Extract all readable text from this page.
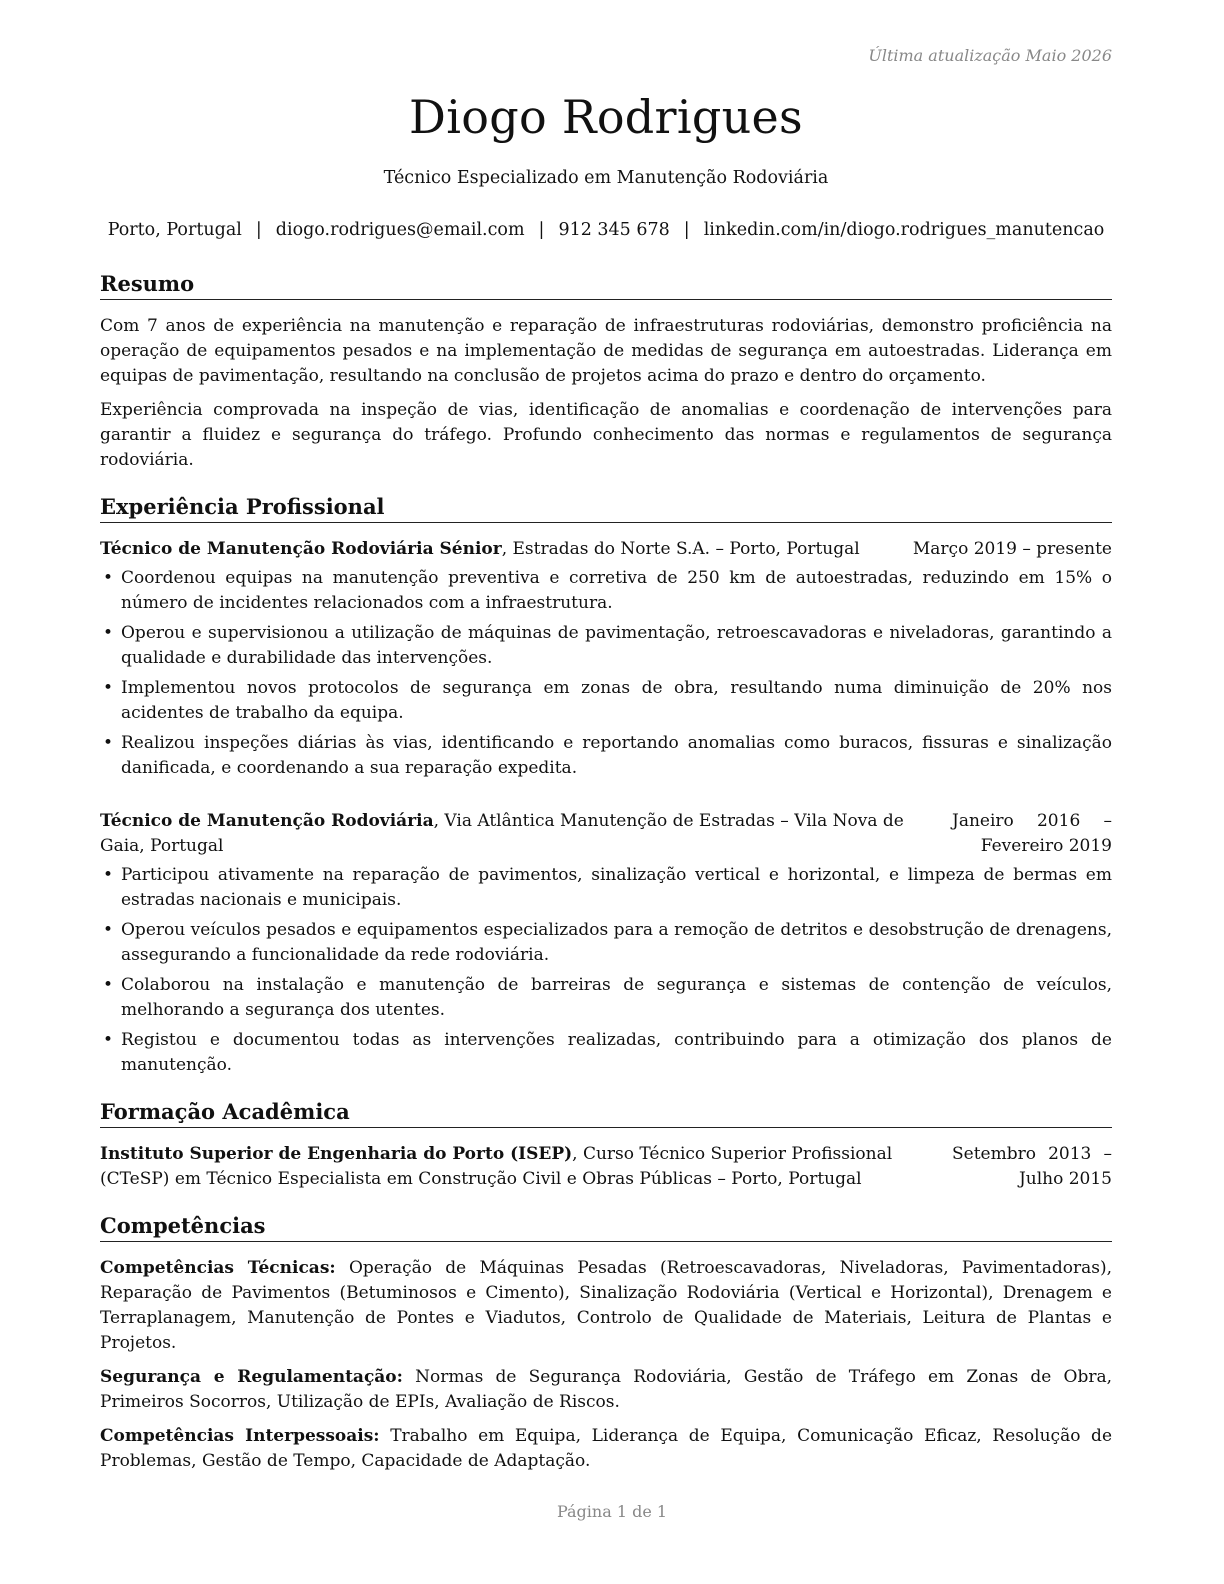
Última atualização Maio 2026
Diogo Rodrigues
Técnico Especializado em Manutenção Rodoviária
Porto, Portugal | diogo.rodrigues@email.com | 912 345 678 | linkedin.com/in/diogo.rodrigues_manutencao
Resumo

Com 7 anos de experiência na manutenção e reparação de infraestruturas rodoviárias, demonstro proficiência na operação de equipamentos pesados e na implementação de medidas de segurança em autoestradas. Liderança em equipas de pavimentação, resultando na conclusão de projetos acima do prazo e dentro do orçamento.

Experiência comprovada na inspeção de vias, identificação de anomalias e coordenação de intervenções para garantir a fluidez e segurança do tráfego. Profundo conhecimento das normas e regulamentos de segurança rodoviária.

Experiência Profissional
Técnico de Manutenção Rodoviária Sénior, Estradas do Norte S.A. – Porto, Portugal	Março 2019 – presente
• Coordenou equipas na manutenção preventiva e corretiva de 250 km de autoestradas, reduzindo em 15% o número de incidentes relacionados com a infraestrutura.
• Operou e supervisionou a utilização de máquinas de pavimentação, retroescavadoras e niveladoras, garantindo a qualidade e durabilidade das intervenções.
• Implementou novos protocolos de segurança em zonas de obra, resultando numa diminuição de 20% nos acidentes de trabalho da equipa.
• Realizou inspeções diárias às vias, identificando e reportando anomalias como buracos, fissuras e sinalização danificada, e coordenando a sua reparação expedita.
Técnico de Manutenção Rodoviária, Via Atlântica Manutenção de Estradas – Vila Nova de Gaia, Portugal
Janeiro 2016 – Fevereiro 2019
• Participou ativamente na reparação de pavimentos, sinalização vertical e horizontal, e limpeza de bermas em estradas nacionais e municipais.
• Operou veículos pesados e equipamentos especializados para a remoção de detritos e desobstrução de drenagens, assegurando a funcionalidade da rede rodoviária.
• Colaborou na instalação e manutenção de barreiras de segurança e sistemas de contenção de veículos, melhorando a segurança dos utentes.
• Registou e documentou todas as intervenções realizadas, contribuindo para a otimização dos planos de manutenção.
Formação Acadêmica
Instituto Superior de Engenharia do Porto (ISEP), Curso Técnico Superior Profissional (CTeSP) em Técnico Especialista em Construção Civil e Obras Públicas – Porto, Portugal
Setembro 2013 – Julho 2015
Competências

Competências Técnicas: Operação de Máquinas Pesadas (Retroescavadoras, Niveladoras, Pavimentadoras), Reparação de Pavimentos (Betuminosos e Cimento), Sinalização Rodoviária (Vertical e Horizontal), Drenagem e Terraplanagem, Manutenção de Pontes e Viadutos, Controlo de Qualidade de Materiais, Leitura de Plantas e Projetos.

Segurança e Regulamentação: Normas de Segurança Rodoviária, Gestão de Tráfego em Zonas de Obra, Primeiros Socorros, Utilização de EPIs, Avaliação de Riscos.

Competências Interpessoais: Trabalho em Equipa, Liderança de Equipa, Comunicação Eficaz, Resolução de Problemas, Gestão de Tempo, Capacidade de Adaptação.

Página 1 de 1
